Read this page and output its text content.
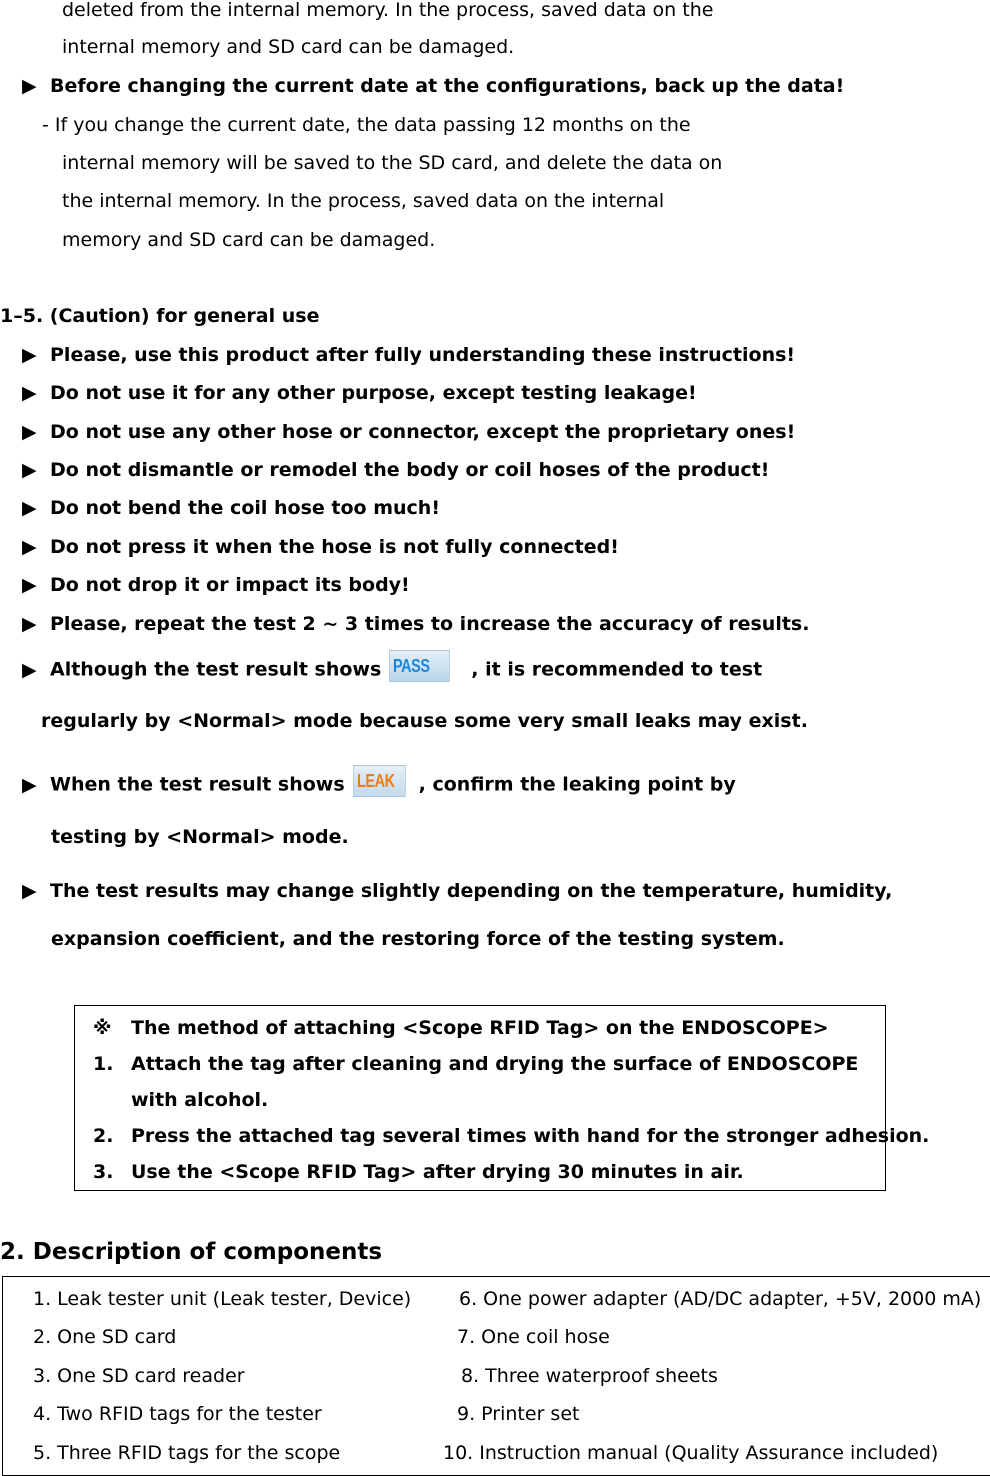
deleted from the internal memory. In the process, saved data on the
internal memory and SD card can be damaged.
▶ Before changing the current date at the configurations, back up the data!
- If you change the current date, the data passing 12 months on the
internal memory will be saved to the SD card, and delete the data on
the internal memory. In the process, saved data on the internal
memory and SD card can be damaged.
1–5. (Caution) for general use
▶ Please, use this product after fully understanding these instructions!
▶ Do not use it for any other purpose, except testing leakage!
▶ Do not use any other hose or connector, except the proprietary ones!
▶ Do not dismantle or remodel the body or coil hoses of the product!
▶ Do not bend the coil hose too much!
▶ Do not press it when the hose is not fully connected!
▶ Do not drop it or impact its body!
▶ Please, repeat the test 2 ~ 3 times to increase the accuracy of results.
▶ Although the test result shows PASS , it is recommended to test
regularly by <Normal> mode because some very small leaks may exist.
▶ When the test result shows LEAK , confirm the leaking point by
testing by <Normal> mode.
▶ The test results may change slightly depending on the temperature, humidity,
expansion coefficient, and the restoring force of the testing system.
※ The method of attaching <Scope RFID Tag> on the ENDOSCOPE>
1. Attach the tag after cleaning and drying the surface of ENDOSCOPE
with alcohol.
2. Press the attached tag several times with hand for the stronger adhesion.
3. Use the <Scope RFID Tag> after drying 30 minutes in air.
2. Description of components
1. Leak tester unit (Leak tester, Device)
2. One SD card
3. One SD card reader
4. Two RFID tags for the tester
5. Three RFID tags for the scope
6. One power adapter (AD/DC adapter, +5V, 2000 mA)
7. One coil hose
8. Three waterproof sheets
9. Printer set
10. Instruction manual (Quality Assurance included)
